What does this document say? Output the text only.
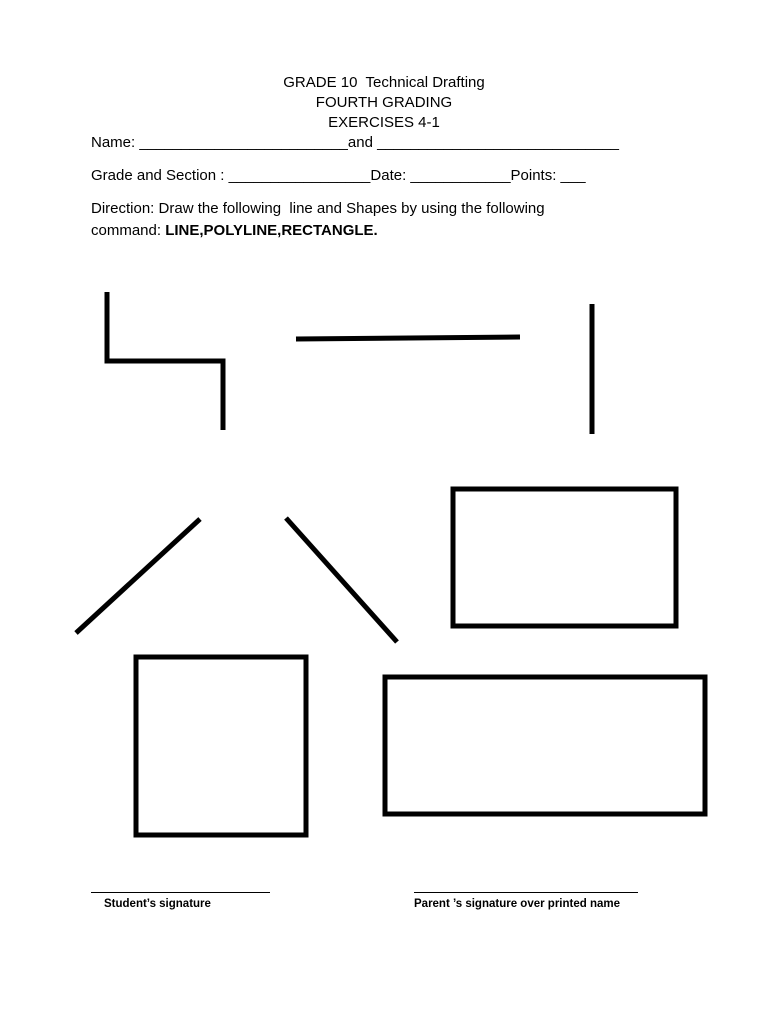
GRADE 10  Technical Drafting
FOURTH GRADING
EXERCISES 4-1
Name: _________________________and _____________________________
Grade and Section : _________________Date: ____________Points: ___
Direction: Draw the following  line and Shapes by using the following
command: LINE,POLYLINE,RECTANGLE.
Student’s signature	Parent ’s signature over printed name
